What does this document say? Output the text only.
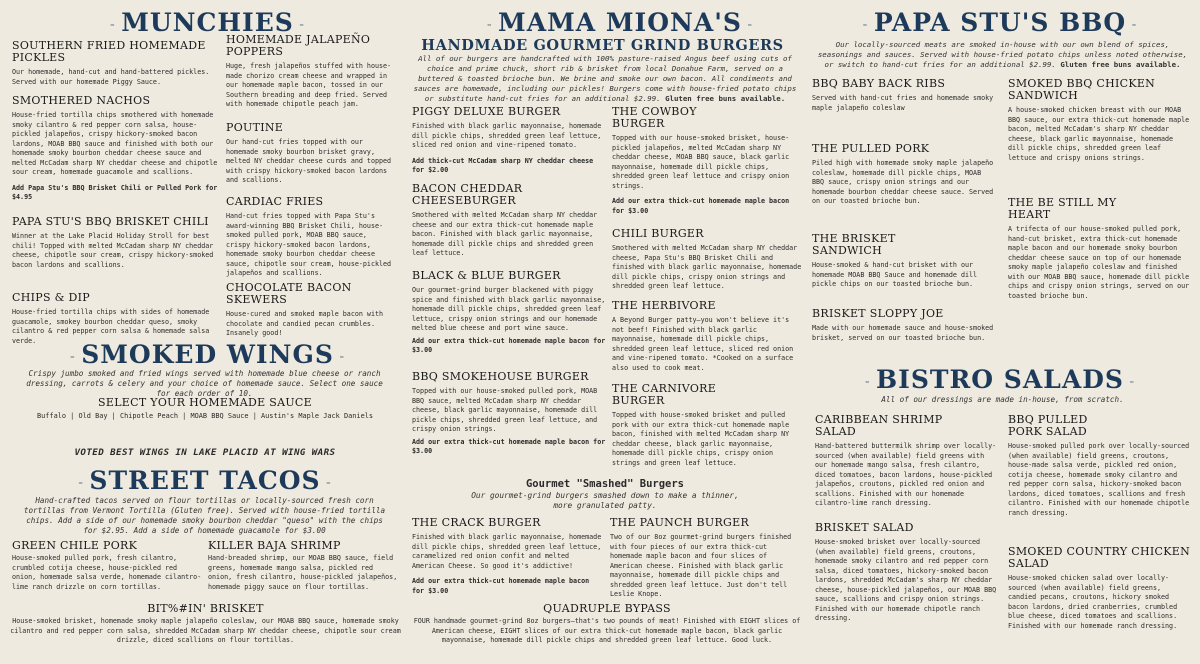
- MUNCHIES -
SOUTHERN FRIED HOMEMADE PICKLES
Our homemade, hand-cut and hand-battered pickles. Served with our homemade Piggy Sauce.
SMOTHERED NACHOS
House-fried tortilla chips smothered with homemade smoky cilantro & red pepper corn salsa, house-pickled jalapeños, crispy hickory-smoked bacon lardons, MOAB BBQ sauce and finished with both our homemade smoky bourbon cheddar cheese sauce and melted McCadam sharp NY cheddar cheese and chipotle sour cream, homemade guacamole and scallions.
Add Papa Stu's BBQ Brisket Chili or Pulled Pork for $4.95
PAPA STU'S BBQ BRISKET CHILI
Winner at the Lake Placid Holiday Stroll for best chili! Topped with melted McCadam sharp NY cheddar cheese, chipotle sour cream, crispy hickory-smoked bacon lardons and scallions.
CHIPS & DIP
House-fried tortilla chips with sides of homemade guacamole, smokey bourbon cheddar queso, smoky cilantro & red pepper corn salsa & homemade salsa verde.
HOMEMADE JALAPEÑO POPPERS
Huge, fresh jalapeños stuffed with house-made chorizo cream cheese and wrapped in our homemade maple bacon, tossed in our Southern breading and deep fried. Served with homemade chipotle peach jam.
POUTINE
Our hand-cut fries topped with our homemade smoky bourbon brisket gravy, melted NY cheddar cheese curds and topped with crispy hickory-smoked bacon lardons and scallions.
CARDIAC FRIES
Hand-cut fries topped with Papa Stu's award-winning BBQ Brisket Chili, house-smoked pulled pork, MOAB BBQ sauce, crispy hickory-smoked bacon lardons, homemade smoky bourbon cheddar cheese sauce, chipotle sour cream, house-pickled jalapeños and scallions.
CHOCOLATE BACON SKEWERS
House-cured and smoked maple bacon with chocolate and candied pecan crumbles. Insanely good!
- SMOKED WINGS -
Crispy jumbo smoked and fried wings served with homemade blue cheese or ranch dressing, carrots & celery and your choice of homemade sauce. Select one sauce for each order of 10.
SELECT YOUR HOMEMADE SAUCE
Buffalo | Old Bay | Chipotle Peach | MOAB BBQ Sauce | Austin's Maple Jack Daniels
VOTED BEST WINGS IN LAKE PLACID AT WING WARS
- STREET TACOS -
Hand-crafted tacos served on flour tortillas or locally-sourced fresh corn tortillas from Vermont Tortilla (Gluten free). Served with house-fried tortilla chips. Add a side of our homemade smoky bourbon cheddar "queso" with the chips for $2.95. Add a side of homemade guacamole for $3.00
GREEN CHILE PORK
House-smoked pulled pork, fresh cilantro, crumbled cotija cheese, house-pickled red onion, homemade salsa verde, homemade cilantro-lime ranch drizzle on corn tortillas.
KILLER BAJA SHRIMP
Hand-breaded shrimp, our MOAB BBQ sauce, field greens, homemade mango salsa, pickled red onion, fresh cilantro, house-pickled jalapeños, homemade piggy sauce on flour tortillas.
BIT%#IN' BRISKET
House-smoked brisket, homemade smoky maple jalapeño coleslaw, our MOAB BBQ sauce, homemade smoky cilantro and red pepper corn salsa, shredded McCadam sharp NY cheddar cheese, chipotle sour cream drizzle, diced scallions on flour tortillas.
- MAMA MIONA'S -
HANDMADE GOURMET GRIND BURGERS
All of our burgers are handcrafted with 100% pasture-raised Angus beef using cuts of choice and prime chuck, short rib & brisket from local Donahue Farm, served on a buttered & toasted brioche bun. We brine and smoke our own bacon. All condiments and sauces are homemade, including our pickles! Burgers come with house-fried potato chips or substitute hand-cut fries for an additional $2.99. Gluten free buns available.
PIGGY DELUXE BURGER
Finished with black garlic mayonnaise, homemade dill pickle chips, shredded green leaf lettuce, sliced red onion and vine-ripened tomato.
Add thick-cut McCadam sharp NY cheddar cheese for $2.00
BACON CHEDDAR CHEESEBURGER
Smothered with melted McCadam sharp NY cheddar cheese and our extra thick-cut homemade maple bacon. Finished with black garlic mayonnaise, homemade dill pickle chips and shredded green leaf lettuce.
BLACK & BLUE BURGER
Our gourmet-grind burger blackened with piggy spice and finished with black garlic mayonnaise, homemade dill pickle chips, shredded green leaf lettuce, crispy onion strings and our homemade melted blue cheese and port wine sauce.
Add our extra thick-cut homemade maple bacon for $3.00
BBQ SMOKEHOUSE BURGER
Topped with our house-smoked pulled pork, MOAB BBQ sauce, melted McCadam sharp NY cheddar cheese, black garlic mayonnaise, homemade dill pickle chips, shredded green leaf lettuce, and crispy onion strings.
Add our extra thick-cut homemade maple bacon for $3.00
THE COWBOY BURGER
Topped with our house-smoked brisket, house-pickled jalapeños, melted McCadam sharp NY cheddar cheese, MOAB BBQ sauce, black garlic mayonnaise, homemade dill pickle chips, shredded green leaf lettuce and crispy onion strings.
Add our extra thick-cut homemade maple bacon for $3.00
CHILI BURGER
Smothered with melted McCadam sharp NY cheddar cheese, Papa Stu's BBQ Brisket Chili and finished with black garlic mayonnaise, homemade dill pickle chips, crispy onion strings and shredded green leaf lettuce.
THE HERBIVORE
A Beyond Burger patty—you won't believe it's not beef! Finished with black garlic mayonnaise, homemade dill pickle chips, shredded green leaf lettuce, sliced red onion and vine-ripened tomato. *Cooked on a surface also used to cook meat.
THE CARNIVORE BURGER
Topped with house-smoked brisket and pulled pork with our extra thick-cut homemade maple bacon, finished with melted McCadam sharp NY cheddar cheese, black garlic mayonnaise, homemade dill pickle chips, crispy onion strings and green leaf lettuce.
Gourmet "Smashed" Burgers
Our gourmet-grind burgers smashed down to make a thinner, more granulated patty.
THE CRACK BURGER
Finished with black garlic mayonnaise, homemade dill pickle chips, shredded green leaf lettuce, caramelized red onion confit and melted American Cheese. So good it's addictive!
Add our extra thick-cut homemade maple bacon for $3.00
THE PAUNCH BURGER
Two of our 8oz gourmet-grind burgers finished with four pieces of our extra thick-cut homemade maple bacon and four slices of American cheese. Finished with black garlic mayonnaise, homemade dill pickle chips and shredded green leaf lettuce. Just don't tell Leslie Knope.
QUADRUPLE BYPASS
FOUR handmade gourmet-grind 8oz burgers—that's two pounds of meat! Finished with EIGHT slices of American cheese, EIGHT slices of our extra thick-cut homemade maple bacon, black garlic mayonnaise, homemade dill pickle chips and shredded green leaf lettuce. Good luck.
- PAPA STU'S BBQ -
Our locally-sourced meats are smoked in-house with our own blend of spices, seasonings and sauces. Served with house-fried potato chips unless noted otherwise, or switch to hand-cut fries for an additional $2.99. Gluten free buns available.
BBQ BABY BACK RIBS
Served with hand-cut fries and homemade smoky maple jalapeño coleslaw
THE PULLED PORK
Piled high with homemade smoky maple jalapeño coleslaw, homemade dill pickle chips, MOAB BBQ sauce, crispy onion strings and our homemade bourbon cheddar cheese sauce. Served on our toasted brioche bun.
THE BRISKET SANDWICH
House-smoked & hand-cut brisket with our homemade MOAB BBQ Sauce and homemade dill pickle chips on our toasted brioche bun.
BRISKET SLOPPY JOE
Made with our homemade sauce and house-smoked brisket, served on our toasted brioche bun.
SMOKED BBQ CHICKEN SANDWICH
A house-smoked chicken breast with our MOAB BBQ sauce, our extra thick-cut homemade maple bacon, melted McCadam's sharp NY cheddar cheese, black garlic mayonnaise, homemade dill pickle chips, shredded green leaf lettuce and crispy onions strings.
THE BE STILL MY HEART
A trifecta of our house-smoked pulled pork, hand-cut brisket, extra thick-cut homemade maple bacon and our homemade smoky bourbon cheddar cheese sauce on top of our homemade smoky maple jalapeño coleslaw and finished with our MOAB BBQ sauce, homemade dill pickle chips and crispy onion strings, served on our toasted brioche bun.
- BISTRO SALADS -
All of our dressings are made in-house, from scratch.
CARIBBEAN SHRIMP SALAD
Hand-battered buttermilk shrimp over locally-sourced (when available) field greens with our homemade mango salsa, fresh cilantro, diced tomatoes, bacon lardons, house-pickled jalapeños, croutons, pickled red onion and scallions. Finished with our homemade cilantro-lime ranch dressing.
BRISKET SALAD
House-smoked brisket over locally-sourced (when available) field greens, croutons, homemade smoky cilantro and red pepper corn salsa, diced tomatoes, hickory-smoked bacon lardons, shredded McCadam's sharp NY cheddar cheese, house-pickled jalapeños, our MOAB BBQ sauce, scallions and crispy onion strings. Finished with our homemade chipotle ranch dressing.
BBQ PULLED PORK SALAD
House-smoked pulled pork over locally-sourced (when available) field greens, croutons, house-made salsa verde, pickled red onion, cotija cheese, homemade smoky cilantro and red pepper corn salsa, hickory-smoked bacon lardons, diced tomatoes, scallions and fresh cilantro. Finished with our homemade chipotle ranch dressing.
SMOKED COUNTRY CHICKEN SALAD
House-smoked chicken salad over locally-sourced (when available) field greens, candied pecans, croutons, hickory smoked bacon lardons, dried cranberries, crumbled blue cheese, diced tomatoes and scallions. Finished with our homemade ranch dressing.
